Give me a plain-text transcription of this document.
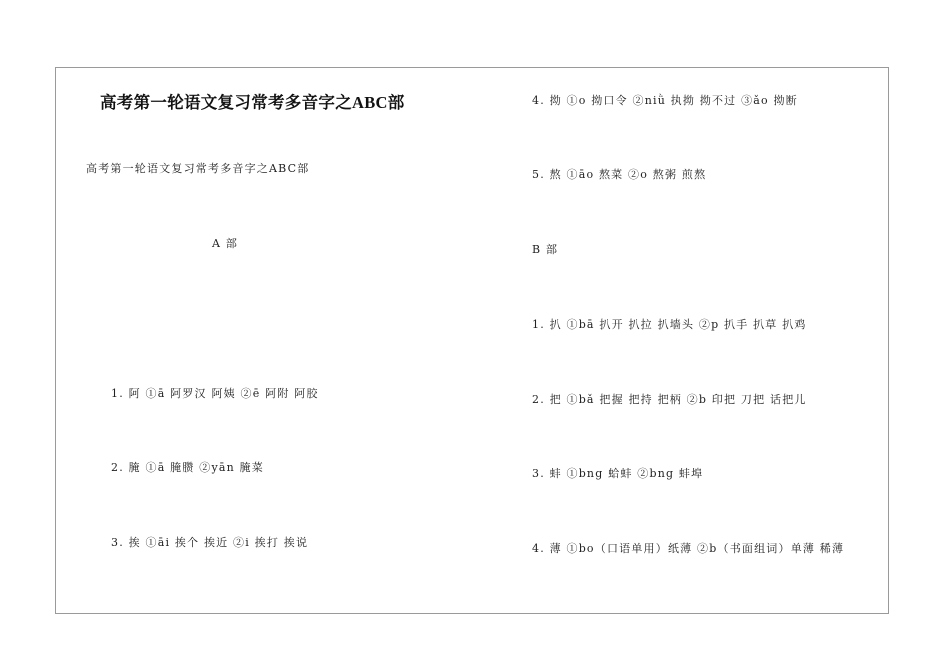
高考第一轮语文复习常考多音字之ABC部
高考第一轮语文复习常考多音字之ABC部
A 部
1. 阿 ①ā 阿罗汉 阿姨 ②ē 阿附 阿胶
2. 腌 ①ā 腌臜 ②yān 腌菜
3. 挨 ①āi 挨个 挨近 ②i 挨打 挨说
4. 拗 ①o 拗口令 ②niǜ 执拗 拗不过 ③ǎo 拗断
5. 熬 ①āo 熬菜 ②o 熬粥 煎熬
B 部
1. 扒 ①bā 扒开 扒拉 扒墙头 ②p 扒手 扒草 扒鸡
2. 把 ①bǎ 把握 把持 把柄 ②b 印把 刀把 话把儿
3. 蚌 ①bng 蛤蚌 ②bng 蚌埠
4. 薄 ①bo（口语单用）纸薄 ②b（书面组词）单薄 稀薄
